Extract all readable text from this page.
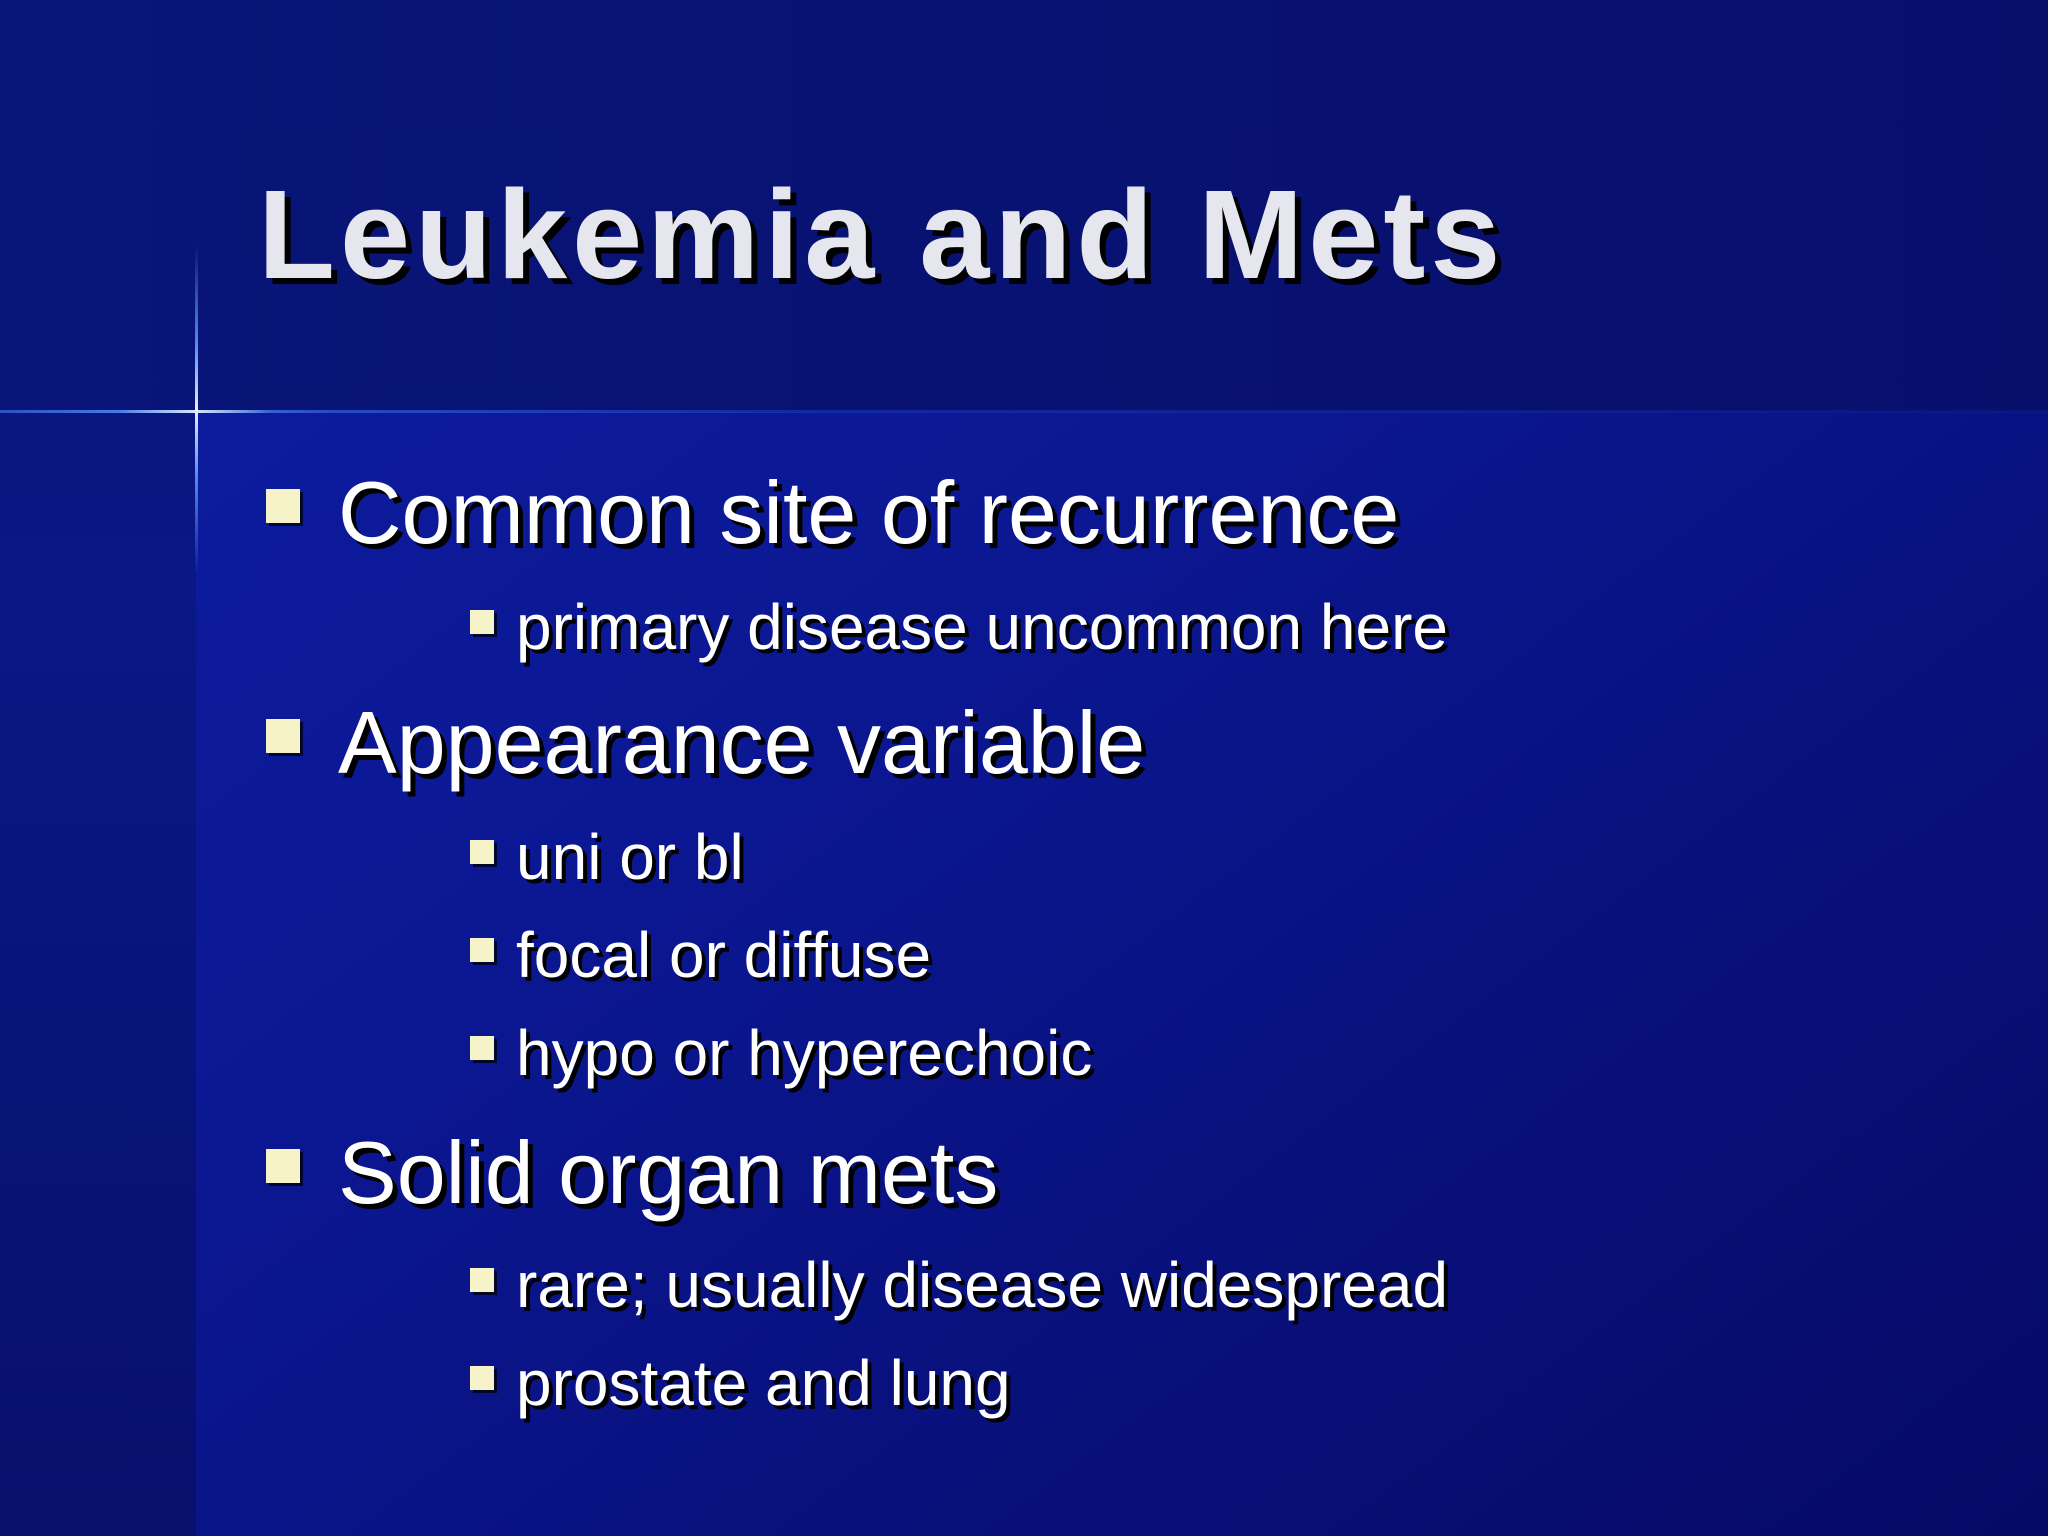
Leukemia and Mets
Common site of recurrence
primary disease uncommon here
Appearance variable
uni or bl
focal or diffuse
hypo or hyperechoic
Solid organ mets
rare; usually disease widespread
prostate and lung
